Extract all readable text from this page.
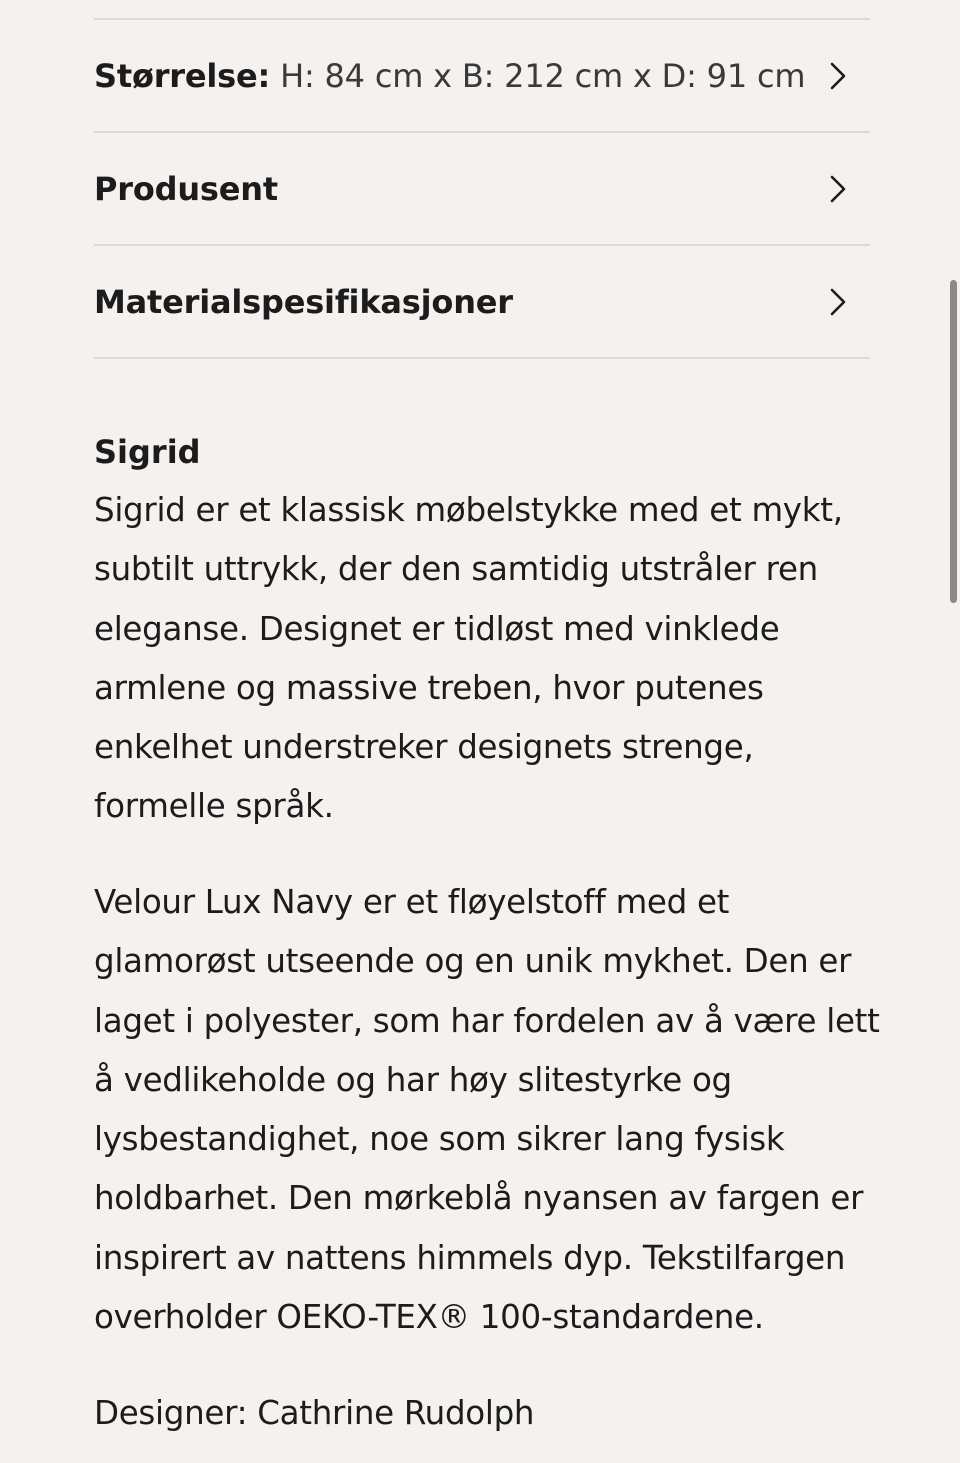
Størrelse: H: 84 cm x B: 212 cm x D: 91 cm
Produsent
Materialspesifikasjoner
Sigrid

Sigrid er et klassisk møbelstykke med et mykt, subtilt uttrykk, der den samtidig utstråler ren eleganse. Designet er tidløst med vinklede armlene og massive treben, hvor putenes enkelhet understreker designets strenge, formelle språk.

Velour Lux Navy er et fløyelstoff med et glamorøst utseende og en unik mykhet. Den er laget i polyester, som har fordelen av å være lett å vedlikeholde og har høy slitestyrke og lysbestandighet, noe som sikrer lang fysisk holdbarhet. Den mørkeblå nyansen av fargen er inspirert av nattens himmels dyp. Tekstilfargen overholder OEKO-TEX® 100-standardene.

Designer: Cathrine Rudolph
